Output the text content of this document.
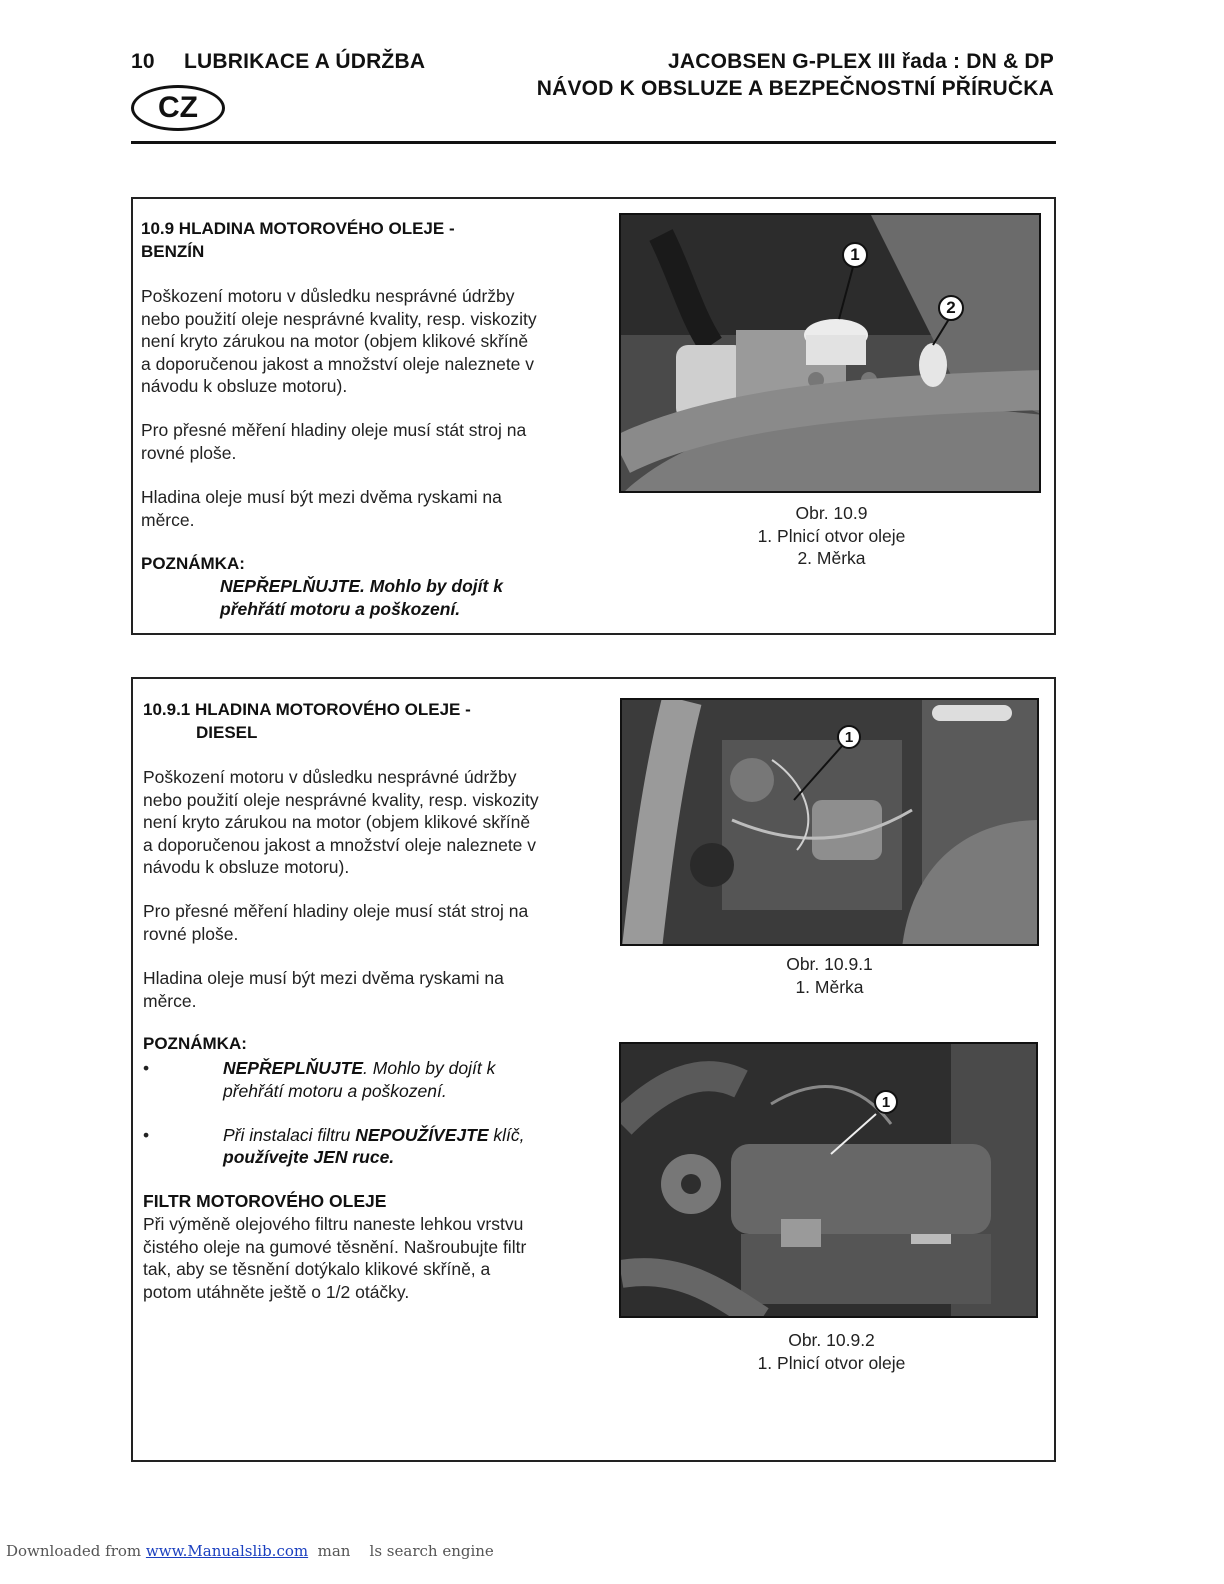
10 LUBRIKACE A ÚDRŽBA	JACOBSEN G-PLEX III řada : DN & DP
NÁVOD K OBSLUZE A BEZPEČNOSTNÍ PŘÍRUČKA
CZ
10.9 HLADINA MOTOROVÉHO OLEJE -
BENZÍN
Poškození motoru v důsledku nesprávné údržby
nebo použití oleje nesprávné kvality, resp. viskozity
není kryto zárukou na motor (objem klikové skříně
a doporučenou jakost a množství oleje naleznete v
návodu k obsluze motoru).
Pro přesné měření hladiny oleje musí stát stroj na
rovné ploše.
Hladina oleje musí být mezi dvěma ryskami na
měrce.
POZNÁMKA:
NEPŘEPLŇUJTE. Mohlo by dojít k
přehřátí motoru a poškození.
1
2
Obr. 10.9
1. Plnicí otvor oleje
2. Měrka
10.9.1 HLADINA MOTOROVÉHO OLEJE -
DIESEL
Poškození motoru v důsledku nesprávné údržby
nebo použití oleje nesprávné kvality, resp. viskozity
není kryto zárukou na motor (objem klikové skříně
a doporučenou jakost a množství oleje naleznete v
návodu k obsluze motoru).
Pro přesné měření hladiny oleje musí stát stroj na
rovné ploše.
Hladina oleje musí být mezi dvěma ryskami na
měrce.
POZNÁMKA:
•	NEPŘEPLŇUJTE. Mohlo by dojít k
přehřátí motoru a poškození.
•	Při instalaci filtru NEPOUŽÍVEJTE klíč,
používejte JEN ruce.
FILTR MOTOROVÉHO OLEJE
Při výměně olejového filtru naneste lehkou vrstvu
čistého oleje na gumové těsnění. Našroubujte filtr
tak, aby se těsnění dotýkalo klikové skříně, a
potom utáhněte ještě o 1/2 otáčky.
1
Obr. 10.9.1
1. Měrka
1
Obr. 10.9.2
1. Plnicí otvor oleje
Downloaded from www.Manualslib.com  man    ls search engine
